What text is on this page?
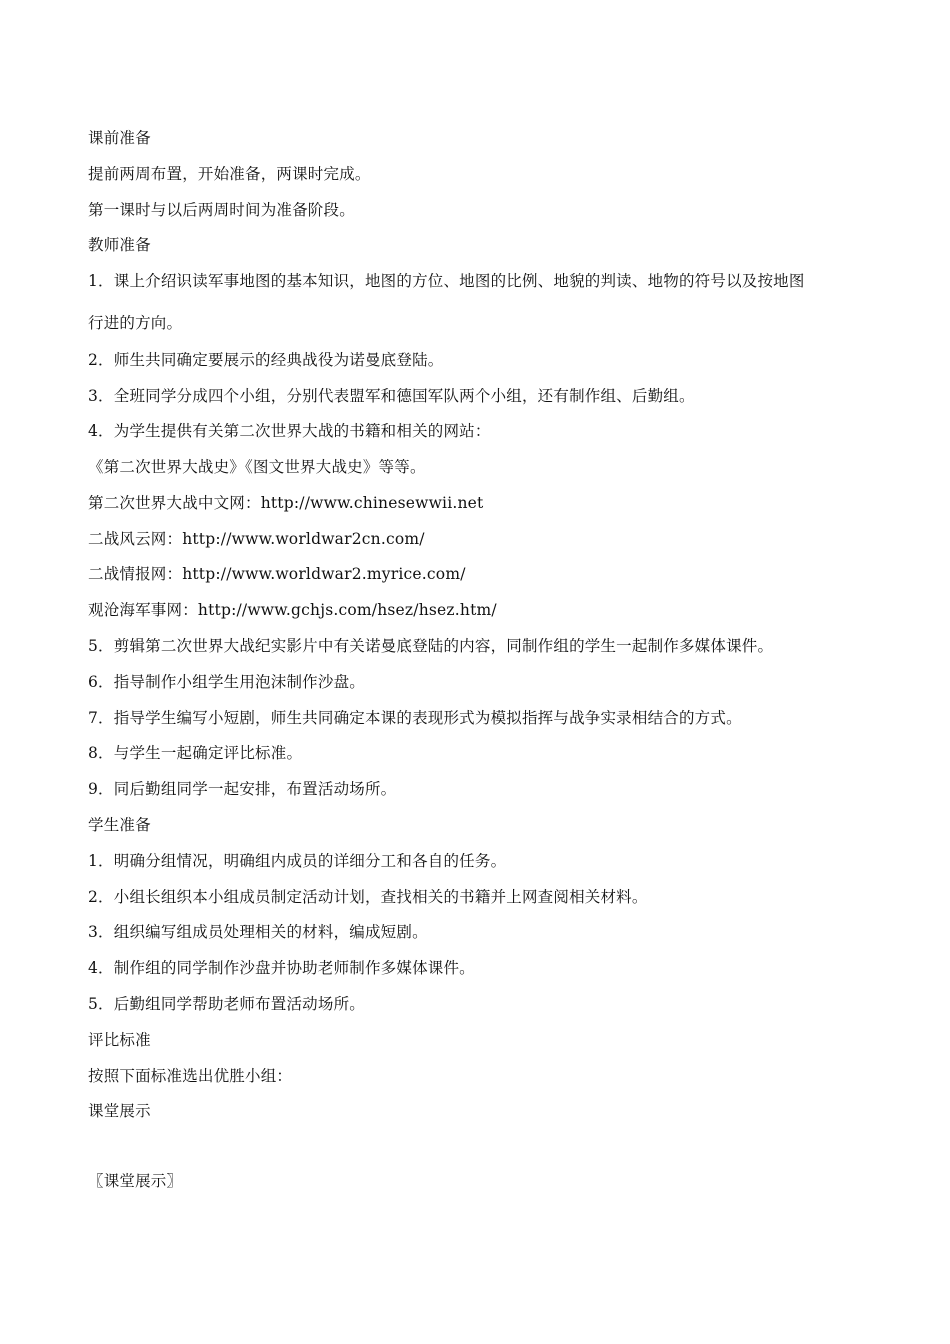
课前准备
提前两周布置，开始准备，两课时完成。
第一课时与以后两周时间为准备阶段。
教师准备
1．课上介绍识读军事地图的基本知识，地图的方位、地图的比例、地貌的判读、地物的符号以及按地图
行进的方向。
2．师生共同确定要展示的经典战役为诺曼底登陆。
3．全班同学分成四个小组，分别代表盟军和德国军队两个小组，还有制作组、后勤组。
4．为学生提供有关第二次世界大战的书籍和相关的网站：
《第二次世界大战史》《图文世界大战史》等等。
第二次世界大战中文网：http://www.chinesewwii.net
二战风云网：http://www.worldwar2cn.com/
二战情报网：http://www.worldwar2.myrice.com/
观沧海军事网：http://www.gchjs.com/hsez/hsez.htm/
5．剪辑第二次世界大战纪实影片中有关诺曼底登陆的内容，同制作组的学生一起制作多媒体课件。
6．指导制作小组学生用泡沫制作沙盘。
7．指导学生编写小短剧，师生共同确定本课的表现形式为模拟指挥与战争实录相结合的方式。
8．与学生一起确定评比标准。
9．同后勤组同学一起安排，布置活动场所。
学生准备
1．明确分组情况，明确组内成员的详细分工和各自的任务。
2．小组长组织本小组成员制定活动计划，查找相关的书籍并上网查阅相关材料。
3．组织编写组成员处理相关的材料，编成短剧。
4．制作组的同学制作沙盘并协助老师制作多媒体课件。
5．后勤组同学帮助老师布置活动场所。
评比标准
按照下面标准选出优胜小组：
课堂展示
〖课堂展示〗
